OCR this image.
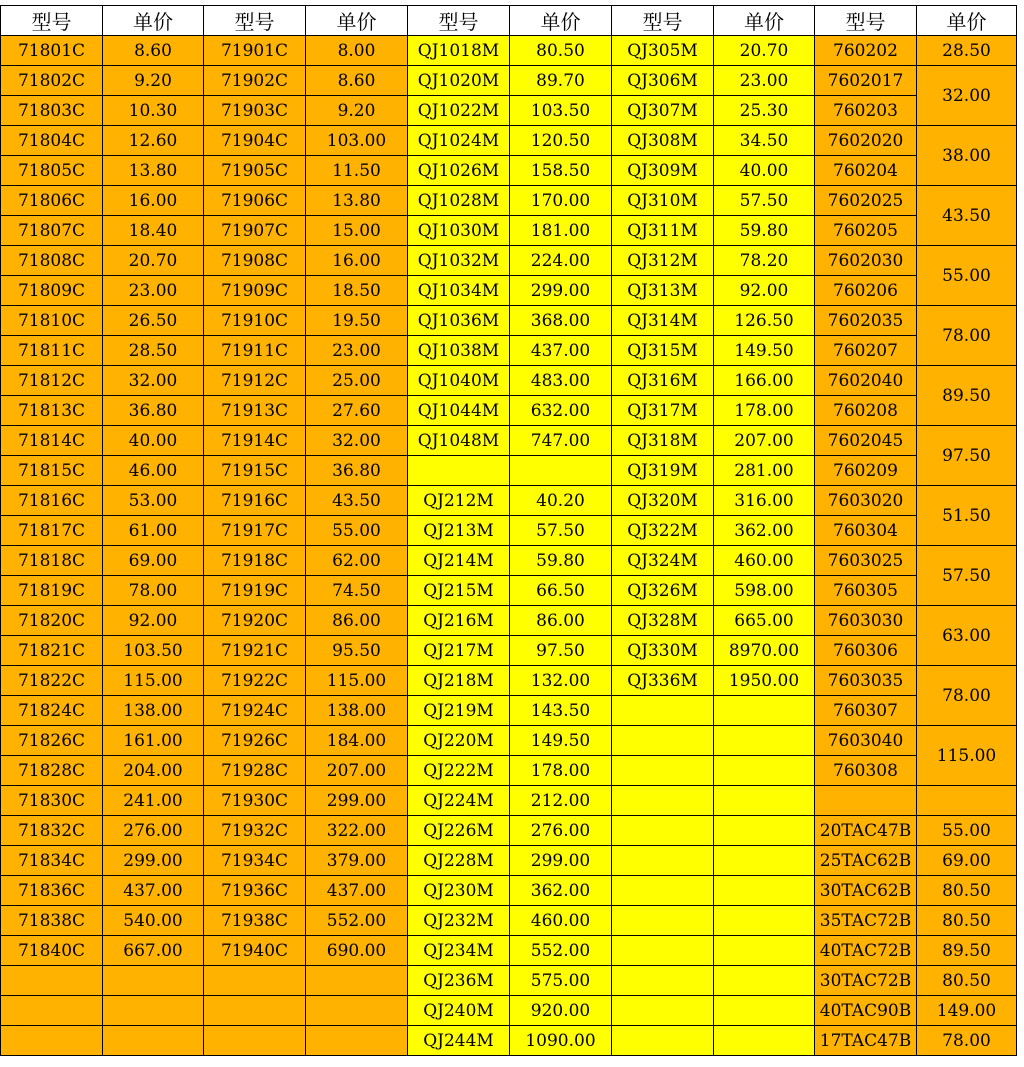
型号	单价	型号	单价	型号	单价	型号	单价	型号	单价
71801C	8.60	71901C	8.00	QJ1018M	80.50	QJ305M	20.70	760202	28.50
71802C	9.20	71902C	8.60	QJ1020M	89.70	QJ306M	23.00	7602017	32.00
71803C	10.30	71903C	9.20	QJ1022M	103.50	QJ307M	25.30	760203	
71804C	12.60	71904C	103.00	QJ1024M	120.50	QJ308M	34.50	7602020	38.00
71805C	13.80	71905C	11.50	QJ1026M	158.50	QJ309M	40.00	760204	
71806C	16.00	71906C	13.80	QJ1028M	170.00	QJ310M	57.50	7602025	43.50
71807C	18.40	71907C	15.00	QJ1030M	181.00	QJ311M	59.80	760205	
71808C	20.70	71908C	16.00	QJ1032M	224.00	QJ312M	78.20	7602030	55.00
71809C	23.00	71909C	18.50	QJ1034M	299.00	QJ313M	92.00	760206	
71810C	26.50	71910C	19.50	QJ1036M	368.00	QJ314M	126.50	7602035	78.00
71811C	28.50	71911C	23.00	QJ1038M	437.00	QJ315M	149.50	760207	
71812C	32.00	71912C	25.00	QJ1040M	483.00	QJ316M	166.00	7602040	89.50
71813C	36.80	71913C	27.60	QJ1044M	632.00	QJ317M	178.00	760208	
71814C	40.00	71914C	32.00	QJ1048M	747.00	QJ318M	207.00	7602045	97.50
71815C	46.00	71915C	36.80			QJ319M	281.00	760209	
71816C	53.00	71916C	43.50	QJ212M	40.20	QJ320M	316.00	7603020	51.50
71817C	61.00	71917C	55.00	QJ213M	57.50	QJ322M	362.00	760304	
71818C	69.00	71918C	62.00	QJ214M	59.80	QJ324M	460.00	7603025	57.50
71819C	78.00	71919C	74.50	QJ215M	66.50	QJ326M	598.00	760305	
71820C	92.00	71920C	86.00	QJ216M	86.00	QJ328M	665.00	7603030	63.00
71821C	103.50	71921C	95.50	QJ217M	97.50	QJ330M	8970.00	760306	
71822C	115.00	71922C	115.00	QJ218M	132.00	QJ336M	1950.00	7603035	78.00
71824C	138.00	71924C	138.00	QJ219M	143.50			760307	
71826C	161.00	71926C	184.00	QJ220M	149.50			7603040	115.00
71828C	204.00	71928C	207.00	QJ222M	178.00			760308	
71830C	241.00	71930C	299.00	QJ224M	212.00				
71832C	276.00	71932C	322.00	QJ226M	276.00			20TAC47B	55.00
71834C	299.00	71934C	379.00	QJ228M	299.00			25TAC62B	69.00
71836C	437.00	71936C	437.00	QJ230M	362.00			30TAC62B	80.50
71838C	540.00	71938C	552.00	QJ232M	460.00			35TAC72B	80.50
71840C	667.00	71940C	690.00	QJ234M	552.00			40TAC72B	89.50
				QJ236M	575.00			30TAC72B	80.50
				QJ240M	920.00			40TAC90B	149.00
				QJ244M	1090.00			17TAC47B	78.00
